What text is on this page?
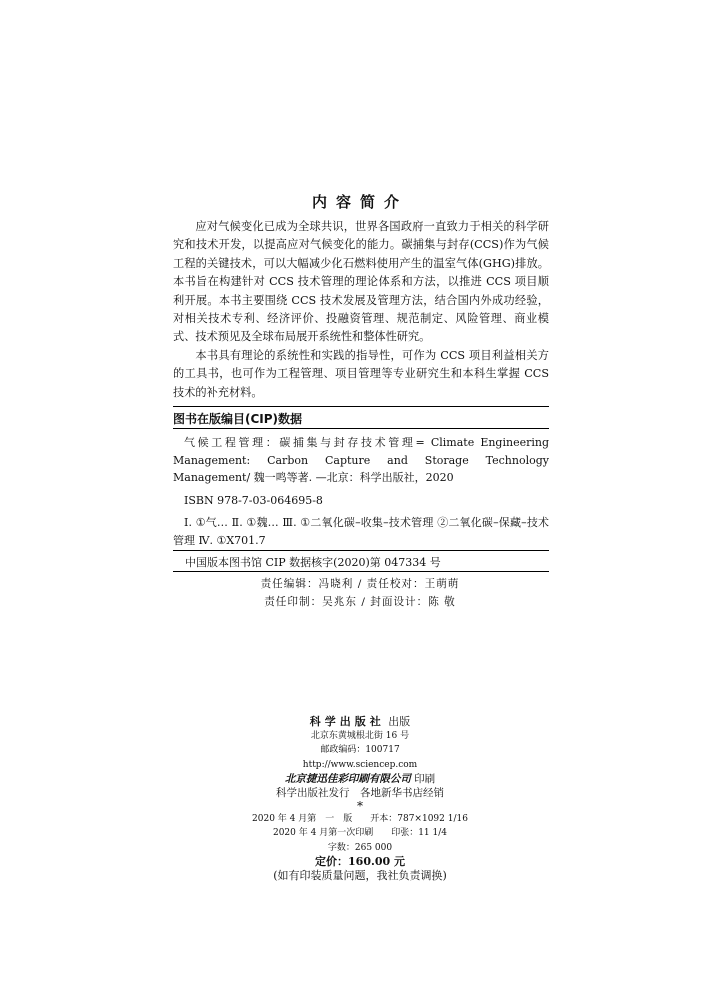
内容简介

应对气候变化已成为全球共识，世界各国政府一直致力于相关的科学研究和技术开发，以提高应对气候变化的能力。碳捕集与封存(CCS)作为气候工程的关键技术，可以大幅减少化石燃料使用产生的温室气体(GHG)排放。本书旨在构建针对 CCS 技术管理的理论体系和方法，以推进 CCS 项目顺利开展。本书主要围绕 CCS 技术发展及管理方法，结合国内外成功经验，对相关技术专利、经济评价、投融资管理、规范制定、风险管理、商业模式、技术预见及全球布局展开系统性和整体性研究。

本书具有理论的系统性和实践的指导性，可作为 CCS 项目利益相关方的工具书，也可作为工程管理、项目管理等专业研究生和本科生掌握 CCS 技术的补充材料。

图书在版编目(CIP)数据
气候工程管理：碳捕集与封存技术管理= Climate Engineering Management: Carbon Capture and Storage Technology Management/ 魏一鸣等著. —北京：科学出版社，2020
ISBN 978-7-03-064695-8
Ⅰ. ①气… Ⅱ. ①魏… Ⅲ. ①二氧化碳–收集–技术管理 ②二氧化碳–保藏–技术管理 Ⅳ. ①X701.7
中国版本图书馆 CIP 数据核字(2020)第 047334 号
责任编辑：冯晓利 / 责任校对：王萌萌
责任印制：吴兆东 / 封面设计：陈 敬
科学出版社 出版
北京东黄城根北街 16 号
邮政编码：100717
http://www.sciencep.com
北京捷迅佳彩印刷有限公司 印刷
科学出版社发行　各地新华书店经销
*
2020 年 4 月第　一　版　　开本：787×1092 1/16
2020 年 4 月第一次印刷　　印张：11 1/4
字数：265 000
定价：160.00 元
(如有印装质量问题，我社负责调换)
